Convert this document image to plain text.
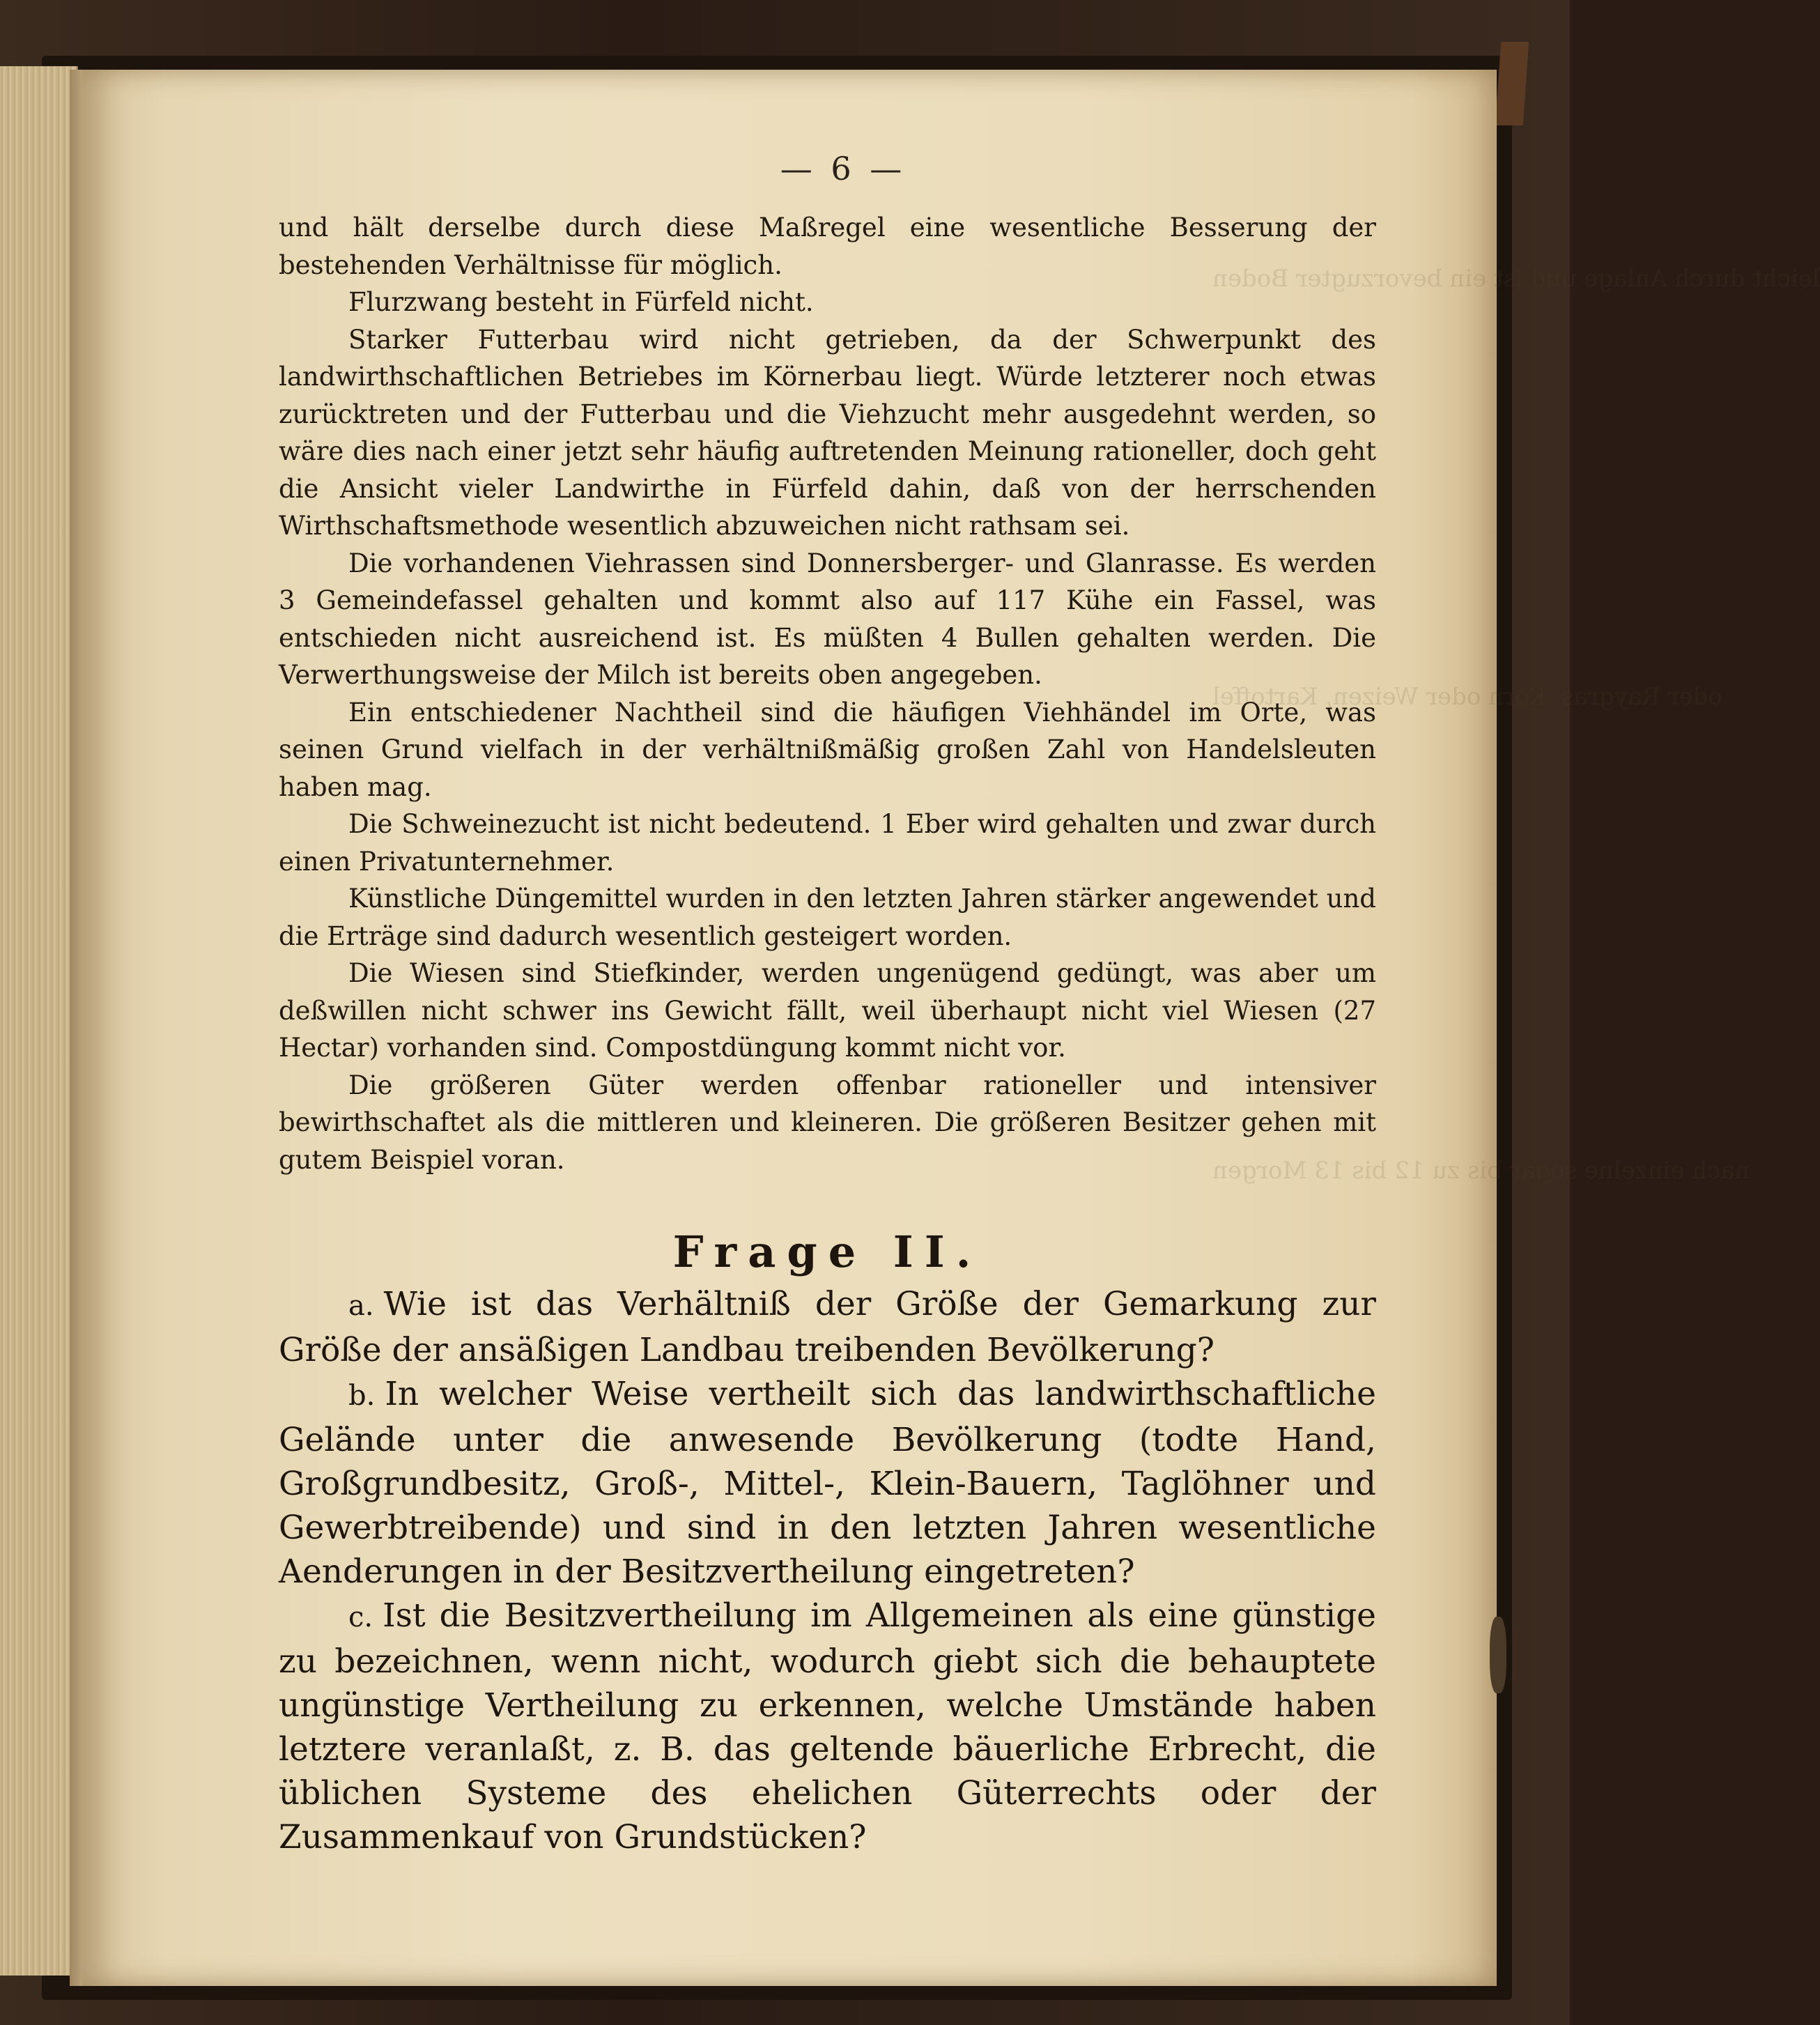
leicht durch Anlage
oder Raygras,
nach einzelne
— 6 —

und hält derselbe durch diese Maßregel eine wesentliche Besserung der bestehenden Verhältnisse für möglich.

Flurzwang besteht in Fürfeld nicht.

Starker Futterbau wird nicht getrieben, da der Schwerpunkt des landwirthschaftlichen Betriebes im Körnerbau liegt. Würde letzterer noch etwas zurücktreten und der Futterbau und die Viehzucht mehr ausgedehnt werden, so wäre dies nach einer jetzt sehr häufig auftretenden Meinung rationeller, doch geht die Ansicht vieler Landwirthe in Fürfeld dahin, daß von der herrschenden Wirthschaftsmethode wesentlich abzuweichen nicht rathsam sei.

Die vorhandenen Viehrassen sind Donnersberger- und Glanrasse. Es werden 3 Gemeindefassel gehalten und kommt also auf 117 Kühe ein Fassel, was entschieden nicht ausreichend ist. Es müßten 4 Bullen gehalten werden. Die Verwerthungsweise der Milch ist bereits oben angegeben.

Ein entschiedener Nachtheil sind die häufigen Viehhändel im Orte, was seinen Grund vielfach in der verhältnißmäßig großen Zahl von Handelsleuten haben mag.

Die Schweinezucht ist nicht bedeutend. 1 Eber wird gehalten und zwar durch einen Privatunternehmer.

Künstliche Düngemittel wurden in den letzten Jahren stärker angewendet und die Erträge sind dadurch wesentlich gesteigert worden.

Die Wiesen sind Stiefkinder, werden ungenügend gedüngt, was aber um deßwillen nicht schwer ins Gewicht fällt, weil überhaupt nicht viel Wiesen (27 Hectar) vorhanden sind. Compostdüngung kommt nicht vor.

Die größeren Güter werden offenbar rationeller und intensiver bewirthschaftet als die mittleren und kleineren. Die größeren Besitzer gehen mit gutem Beispiel voran.

Frage II.

a. Wie ist das Verhältniß der Größe der Gemarkung zur Größe der ansäßigen Landbau treibenden Bevölkerung?

b. In welcher Weise vertheilt sich das landwirthschaftliche Gelände unter die anwesende Bevölkerung (todte Hand, Großgrundbesitz, Groß-, Mittel-, Klein-Bauern, Taglöhner und Gewerbtreibende) und sind in den letzten Jahren wesentliche Aenderungen in der Besitzvertheilung eingetreten?

c. Ist die Besitzvertheilung im Allgemeinen als eine günstige zu bezeichnen, wenn nicht, wodurch giebt sich die behauptete ungünstige Vertheilung zu erkennen, welche Umstände haben letztere veranlaßt, z. B. das geltende bäuerliche Erbrecht, die üblichen Systeme des ehelichen Güterrechts oder der Zusammenkauf von Grundstücken?
